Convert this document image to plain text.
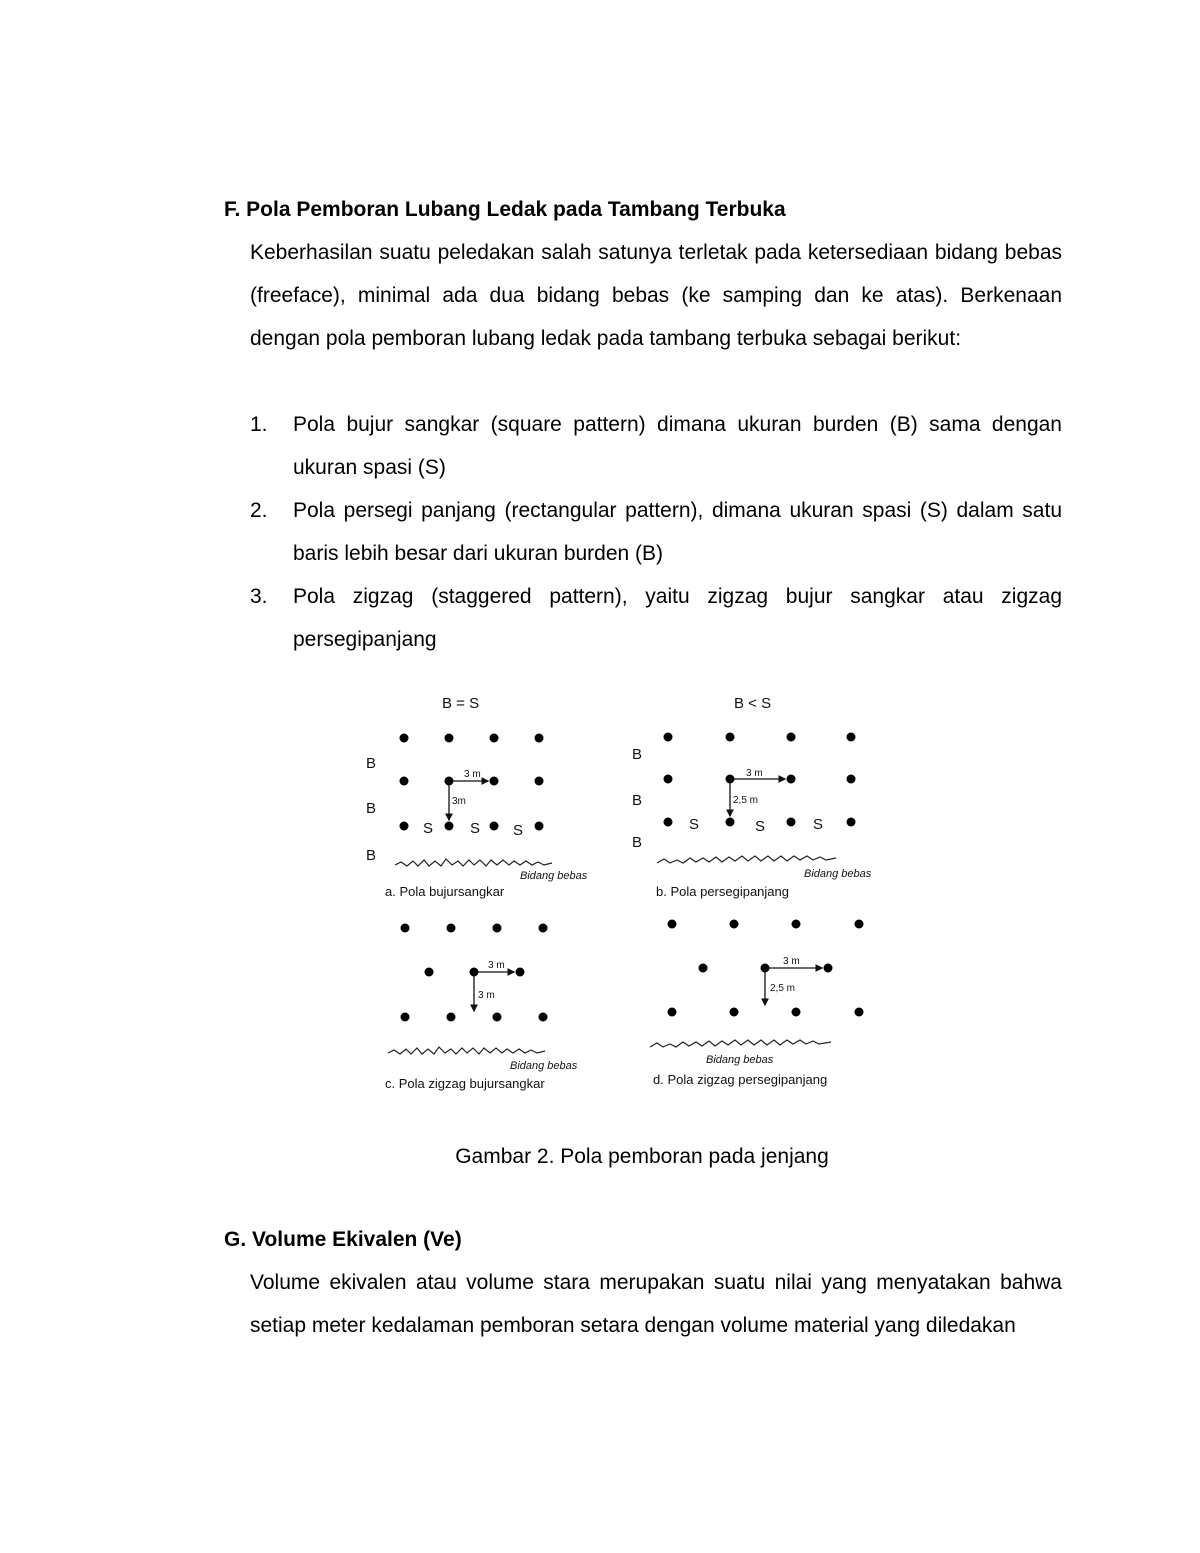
F. Pola Pemboran Lubang Ledak pada Tambang Terbuka
Keberhasilan suatu peledakan salah satunya terletak pada ketersediaan bidang bebas (freeface), minimal ada dua bidang bebas (ke samping dan ke atas). Berkenaan dengan pola pemboran lubang ledak pada tambang terbuka sebagai berikut:
1. Pola bujur sangkar (square pattern) dimana ukuran burden (B) sama dengan ukuran spasi (S)
2. Pola persegi panjang (rectangular pattern), dimana ukuran spasi (S) dalam satu baris lebih besar dari ukuran burden (B)
3. Pola zigzag (staggered pattern), yaitu zigzag bujur sangkar atau zigzag persegipanjang
B = S
3 m
3m
B
B
B
S S S
Bidang bebas
a. Pola bujursangkar
B < S
3 m
2,5 m
B
B
B
S	S	S
Bidang bebas
b. Pola persegipanjang
3 m
3 m
Bidang bebas
c. Pola zigzag bujursangkar
3 m
2,5 m
Bidang bebas
d. Pola zigzag persegipanjang
Gambar 2. Pola pemboran pada jenjang
G. Volume Ekivalen (Ve)
Volume ekivalen atau volume stara merupakan suatu nilai yang menyatakan bahwa setiap meter kedalaman pemboran setara dengan volume material yang diledakan
